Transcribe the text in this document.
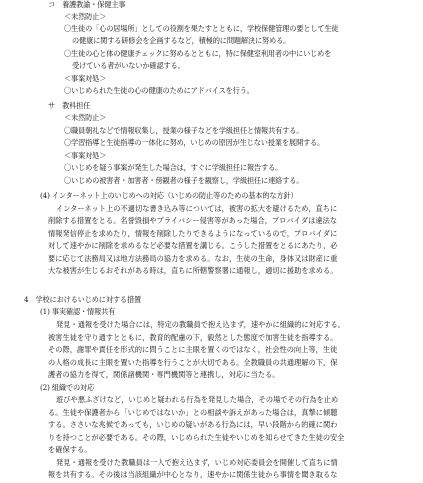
コ　養護教諭・保健主事
＜未然防止＞
〇生徒の「心の居場所」としての役割を果たすとともに，学校保健管理の要として生徒
の健康に関する研修会を企画するなど，積極的に問題解決に努める。
〇生徒の心と体の健康チェックに努めるとともに，特に保健室利用者の中にいじめを
受けている者がいないか確認する。
＜事案対処＞
〇いじめられた生徒の心の健康のためにアドバイスを行う。
サ　教科担任
＜未然防止＞
〇職員朝礼などで情報収集し，授業の様子などを学級担任と情報共有する。
〇学習指導と生徒指導の一体化に努め，いじめの原因が生じない授業を展開する。
＜事案対処＞
〇いじめを疑う事案が発生した場合は，すぐに学級担任に報告する。
〇いじめの被害者・加害者・傍観者の様子を観察し，学級担任に連絡する。
(4) インターネット上のいじめへの対応（いじめの防止等のための基本的な方針）
インターネット上の不適切な書き込み等については，被害の拡大を避けるため，直ちに
削除する措置をとる。名誉毀損やプライバシー侵害等があった場合，プロバイダは違法な
情報発信停止を求めたり，情報を削除したりできるようになっているので，プロバイダに
対して速やかに削除を求めるなど必要な措置を講じる。こうした措置をとるにあたり，必
要に応じて法務局又は地方法務局の協力を求める。なお，生徒の生命，身体又は財産に重
大な被害が生じるおそれがある時は，直ちに所轄警察署に通報し，適切に援助を求める。
4　学校におけるいじめに対する措置
(1) 事実確認・情報共有
発見・通報を受けた場合には，特定の教職員で抱え込まず，速やかに組織的に対応する。
被害生徒を守り通すとともに，教育的配慮の下，毅然とした態度で加害生徒を指導する。
その際，謝罪や責任を形式的に問うことに主眼を置くのではなく，社会性の向上等，生徒
の人格の成長に主眼を置いた指導を行うことが大切である。全教職員の共通理解の下，保
護者の協力を得て，関係諸機関・専門機関等と連携し，対応に当たる。
(2) 組織での対応
遊びや悪ふざけなど，いじめと疑われる行為を発見した場合，その場でその行為を止め
る。生徒や保護者から「いじめではないか」との相談や訴えがあった場合は，真摯に傾聴
する。ささいな兆候であっても，いじめの疑いがある行為には，早い段階から的確に関わ
りを持つことが必要である。その際，いじめられた生徒やいじめを知らせてきた生徒の安全
を確保する。
発見・通報を受けた教職員は一人で抱え込まず，いじめ対応委員会を開催して直ちに情
報を共有する。その後は当該組織が中心となり，速やかに関係生徒から事情を聞き取るな
